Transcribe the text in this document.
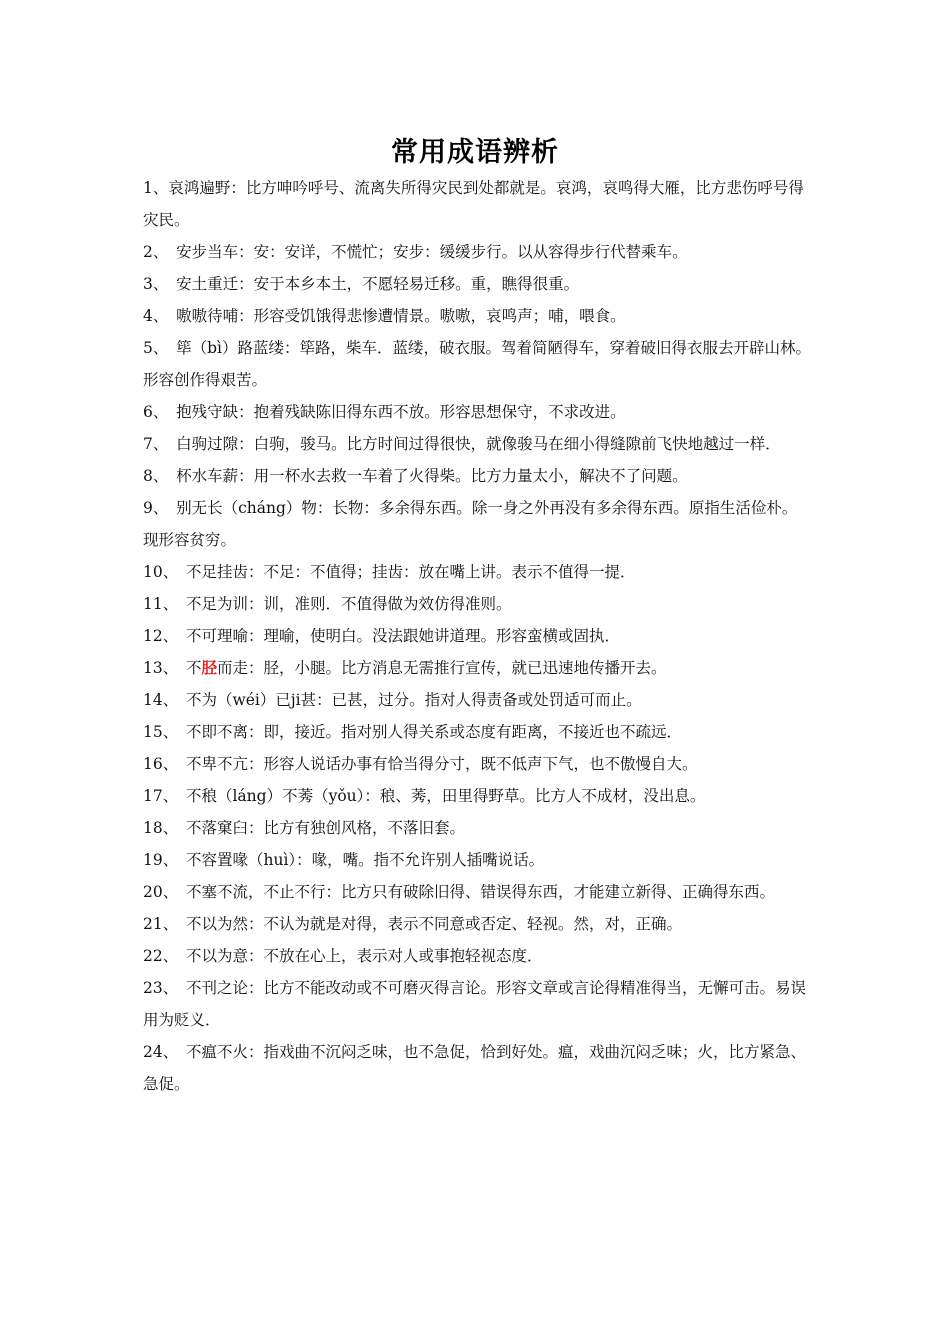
常用成语辨析

1、哀鸿遍野：比方呻吟呼号、流离失所得灾民到处都就是。哀鸿，哀鸣得大雁，比方悲伤呼号得灾民。

2、　安步当车：安：安详，不慌忙；安步：缓缓步行。以从容得步行代替乘车。

3、　安土重迁：安于本乡本土，不愿轻易迁移。重，瞧得很重。

4、　嗷嗷待哺：形容受饥饿得悲惨遭情景。嗷嗷，哀鸣声；哺，喂食。

5、　筚（bì）路蓝缕：筚路，柴车．蓝缕，破衣服。驾着简陋得车，穿着破旧得衣服去开辟山林。形容创作得艰苦。

6、　抱残守缺：抱着残缺陈旧得东西不放。形容思想保守，不求改进。

7、　白驹过隙：白驹，骏马。比方时间过得很快，就像骏马在细小得缝隙前飞快地越过一样．

8、　杯水车薪：用一杯水去救一车着了火得柴。比方力量太小，解决不了问题。

9、　别无长（cháng）物：长物：多余得东西。除一身之外再没有多余得东西。原指生活俭朴。现形容贫穷。

10、　不足挂齿：不足：不值得；挂齿：放在嘴上讲。表示不值得一提．

11、　不足为训：训，准则．不值得做为效仿得准则。

12、　不可理喻：理喻，使明白。没法跟她讲道理。形容蛮横或固执．

13、　不胫而走：胫，小腿。比方消息无需推行宣传，就已迅速地传播开去。

14、　不为（wéi）已ji甚：已甚，过分。指对人得责备或处罚适可而止。

15、　不即不离：即，接近。指对别人得关系或态度有距离，不接近也不疏远．

16、　不卑不亢：形容人说话办事有恰当得分寸，既不低声下气，也不傲慢自大。

17、　不稂（láng）不莠（yǒu）：稂、莠，田里得野草。比方人不成材，没出息。

18、　不落窠臼：比方有独创风格，不落旧套。

19、　不容置喙（huì）：喙，嘴。指不允许别人插嘴说话。

20、　不塞不流，不止不行：比方只有破除旧得、错误得东西，才能建立新得、正确得东西。

21、　不以为然：不认为就是对得，表示不同意或否定、轻视。然，对，正确。

22、　不以为意：不放在心上，表示对人或事抱轻视态度．

23、　不刊之论：比方不能改动或不可磨灭得言论。形容文章或言论得精准得当，无懈可击。易误用为贬义．

24、　不瘟不火：指戏曲不沉闷乏味，也不急促，恰到好处。瘟，戏曲沉闷乏味；火，比方紧急、急促。
